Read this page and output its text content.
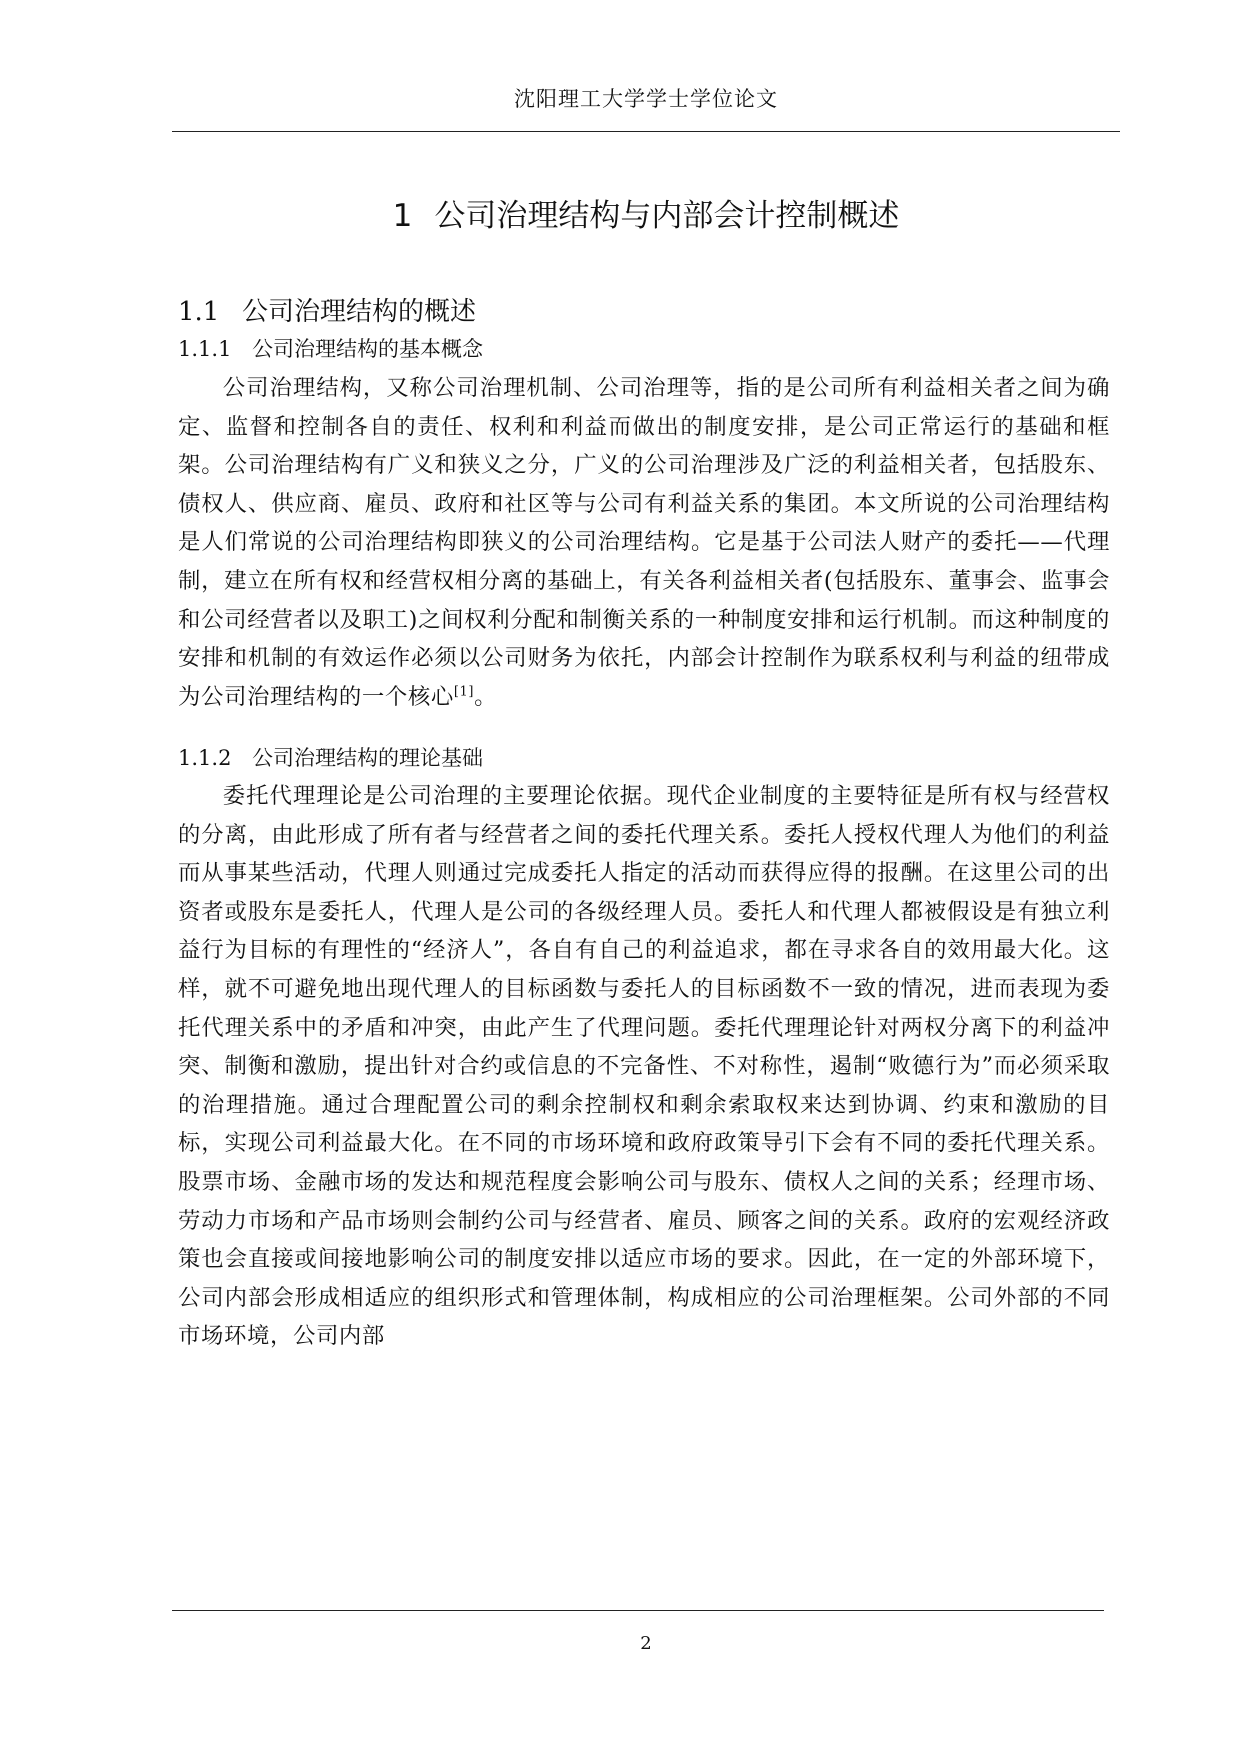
沈阳理工大学学士学位论文
1 公司治理结构与内部会计控制概述
1.1 公司治理结构的概述
1.1.1 公司治理结构的基本概念

公司治理结构，又称公司治理机制、公司治理等，指的是公司所有利益相关者之间为确定、监督和控制各自的责任、权利和利益而做出的制度安排，是公司正常运行的基础和框架。公司治理结构有广义和狭义之分，广义的公司治理涉及广泛的利益相关者，包括股东、债权人、供应商、雇员、政府和社区等与公司有利益关系的集团。本文所说的公司治理结构是人们常说的公司治理结构即狭义的公司治理结构。它是基于公司法人财产的委托——代理制，建立在所有权和经营权相分离的基础上，有关各利益相关者(包括股东、董事会、监事会和公司经营者以及职工)之间权利分配和制衡关系的一种制度安排和运行机制。而这种制度的安排和机制的有效运作必须以公司财务为依托，内部会计控制作为联系权利与利益的纽带成为公司治理结构的一个核心[1]。

1.1.2 公司治理结构的理论基础

委托代理理论是公司治理的主要理论依据。现代企业制度的主要特征是所有权与经营权的分离，由此形成了所有者与经营者之间的委托代理关系。委托人授权代理人为他们的利益而从事某些活动，代理人则通过完成委托人指定的活动而获得应得的报酬。在这里公司的出资者或股东是委托人，代理人是公司的各级经理人员。委托人和代理人都被假设是有独立利益行为目标的有理性的“经济人”，各自有自己的利益追求，都在寻求各自的效用最大化。这样，就不可避免地出现代理人的目标函数与委托人的目标函数不一致的情况，进而表现为委托代理关系中的矛盾和冲突，由此产生了代理问题。委托代理理论针对两权分离下的利益冲突、制衡和激励，提出针对合约或信息的不完备性、不对称性，遏制“败德行为”而必须采取的治理措施。通过合理配置公司的剩余控制权和剩余索取权来达到协调、约束和激励的目标，实现公司利益最大化。在不同的市场环境和政府政策导引下会有不同的委托代理关系。股票市场、金融市场的发达和规范程度会影响公司与股东、债权人之间的关系；经理市场、劳动力市场和产品市场则会制约公司与经营者、雇员、顾客之间的关系。政府的宏观经济政策也会直接或间接地影响公司的制度安排以适应市场的要求。因此，在一定的外部环境下，公司内部会形成相适应的组织形式和管理体制，构成相应的公司治理框架。公司外部的不同市场环境，公司内部

2
